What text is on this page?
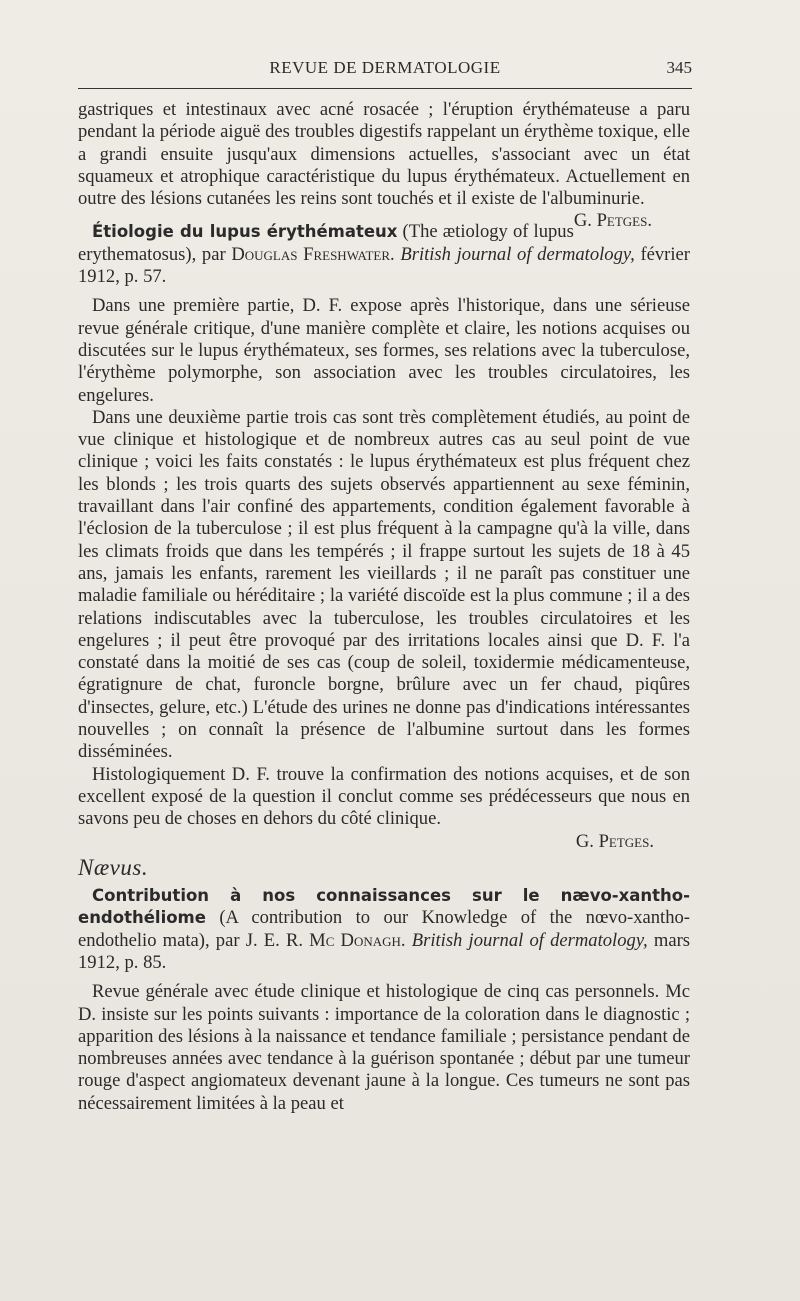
REVUE DE DERMATOLOGIE	345

gastriques et intestinaux avec acné rosacée ; l'éruption érythémateuse a paru pendant la période aiguë des troubles digestifs rappelant un érythème toxique, elle a grandi ensuite jusqu'aux dimensions actuelles, s'associant avec un état squameux et atrophique caractéristique du lupus érythémateux. Actuellement en outre des lésions cutanées les reins sont touchés et il existe de l'albuminurie.
G. Petges.

Étiologie du lupus érythémateux (The ætiology of lupus erythematosus), par Douglas Freshwater. British journal of dermatology, février 1912, p. 57.

Dans une première partie, D. F. expose après l'historique, dans une sérieuse revue générale critique, d'une manière complète et claire, les notions acquises ou discutées sur le lupus érythémateux, ses formes, ses relations avec la tuberculose, l'érythème polymorphe, son association avec les troubles circulatoires, les engelures.

Dans une deuxième partie trois cas sont très complètement étudiés, au point de vue clinique et histologique et de nombreux autres cas au seul point de vue clinique ; voici les faits constatés : le lupus érythémateux est plus fréquent chez les blonds ; les trois quarts des sujets observés appartiennent au sexe féminin, travaillant dans l'air confiné des appartements, condition également favorable à l'éclosion de la tuberculose ; il est plus fréquent à la campagne qu'à la ville, dans les climats froids que dans les tempérés ; il frappe surtout les sujets de 18 à 45 ans, jamais les enfants, rarement les vieillards ; il ne paraît pas constituer une maladie familiale ou héréditaire ; la variété discoïde est la plus commune ; il a des relations indiscutables avec la tuberculose, les troubles circulatoires et les engelures ; il peut être provoqué par des irritations locales ainsi que D. F. l'a constaté dans la moitié de ses cas (coup de soleil, toxidermie médicamenteuse, égratignure de chat, furoncle borgne, brûlure avec un fer chaud, piqûres d'insectes, gelure, etc.) L'étude des urines ne donne pas d'indications intéressantes nouvelles ; on connaît la présence de l'albumine surtout dans les formes disséminées.

Histologiquement D. F. trouve la confirmation des notions acquises, et de son excellent exposé de la question il conclut comme ses prédécesseurs que nous en savons peu de choses en dehors du côté clinique.

G. Petges.
Nævus.

Contribution à nos connaissances sur le nævo-xantho-endothéliome (A contribution to our Knowledge of the nœvo-xantho-endothelio mata), par J. E. R. Mc Donagh. British journal of dermatology, mars 1912, p. 85.

Revue générale avec étude clinique et histologique de cinq cas personnels. Mc D. insiste sur les points suivants : importance de la coloration dans le diagnostic ; apparition des lésions à la naissance et tendance familiale ; persistance pendant de nombreuses années avec tendance à la guérison spontanée ; début par une tumeur rouge d'aspect angiomateux devenant jaune à la longue. Ces tumeurs ne sont pas nécessairement limitées à la peau et
